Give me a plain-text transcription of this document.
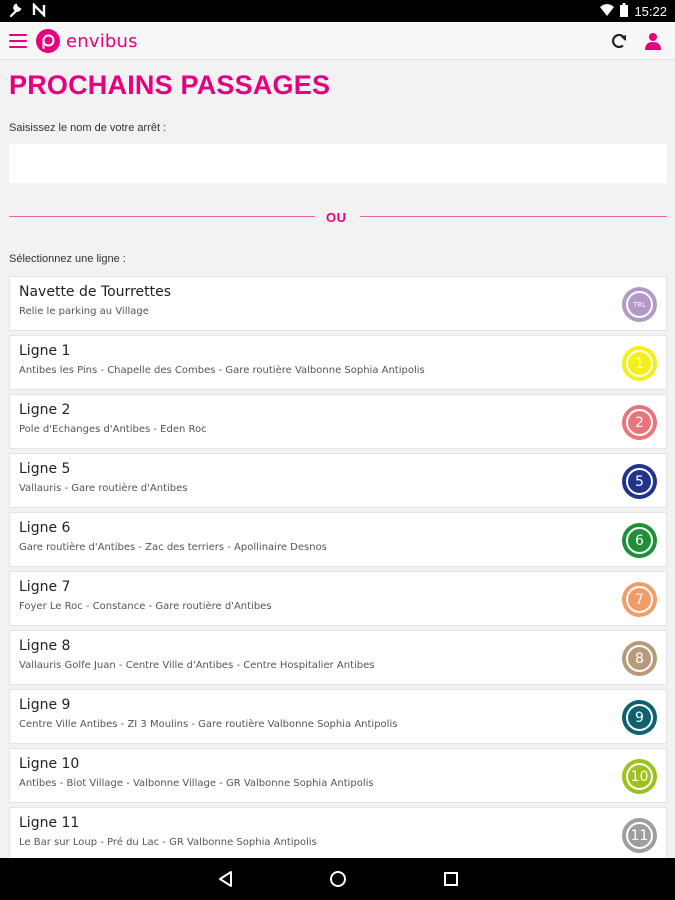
15:22
envibus
PROCHAINS PASSAGES
Saisissez le nom de votre arrêt :
OU
Sélectionnez une ligne :
Navette de Tourrettes
Relie le parking au Village
TRL
Ligne 1
Antibes les Pins - Chapelle des Combes - Gare routière Valbonne Sophia Antipolis	1
Ligne 2
Pole d'Echanges d'Antibes - Eden Roc	2
Ligne 5
Vallauris - Gare routière d'Antibes	5
Ligne 6
Gare routière d'Antibes - Zac des terriers - Apollinaire Desnos	6
Ligne 7
Foyer Le Roc - Constance - Gare routière d'Antibes	7
Ligne 8
Vallauris Golfe Juan - Centre Ville d'Antibes - Centre Hospitalier Antibes	8
Ligne 9
Centre Ville Antibes - ZI 3 Moulins - Gare routière Valbonne Sophia Antipolis	9
Ligne 10
Antibes - Biot Village - Valbonne Village - GR Valbonne Sophia Antipolis	10
Ligne 11
Le Bar sur Loup - Pré du Lac - GR Valbonne Sophia Antipolis	11
